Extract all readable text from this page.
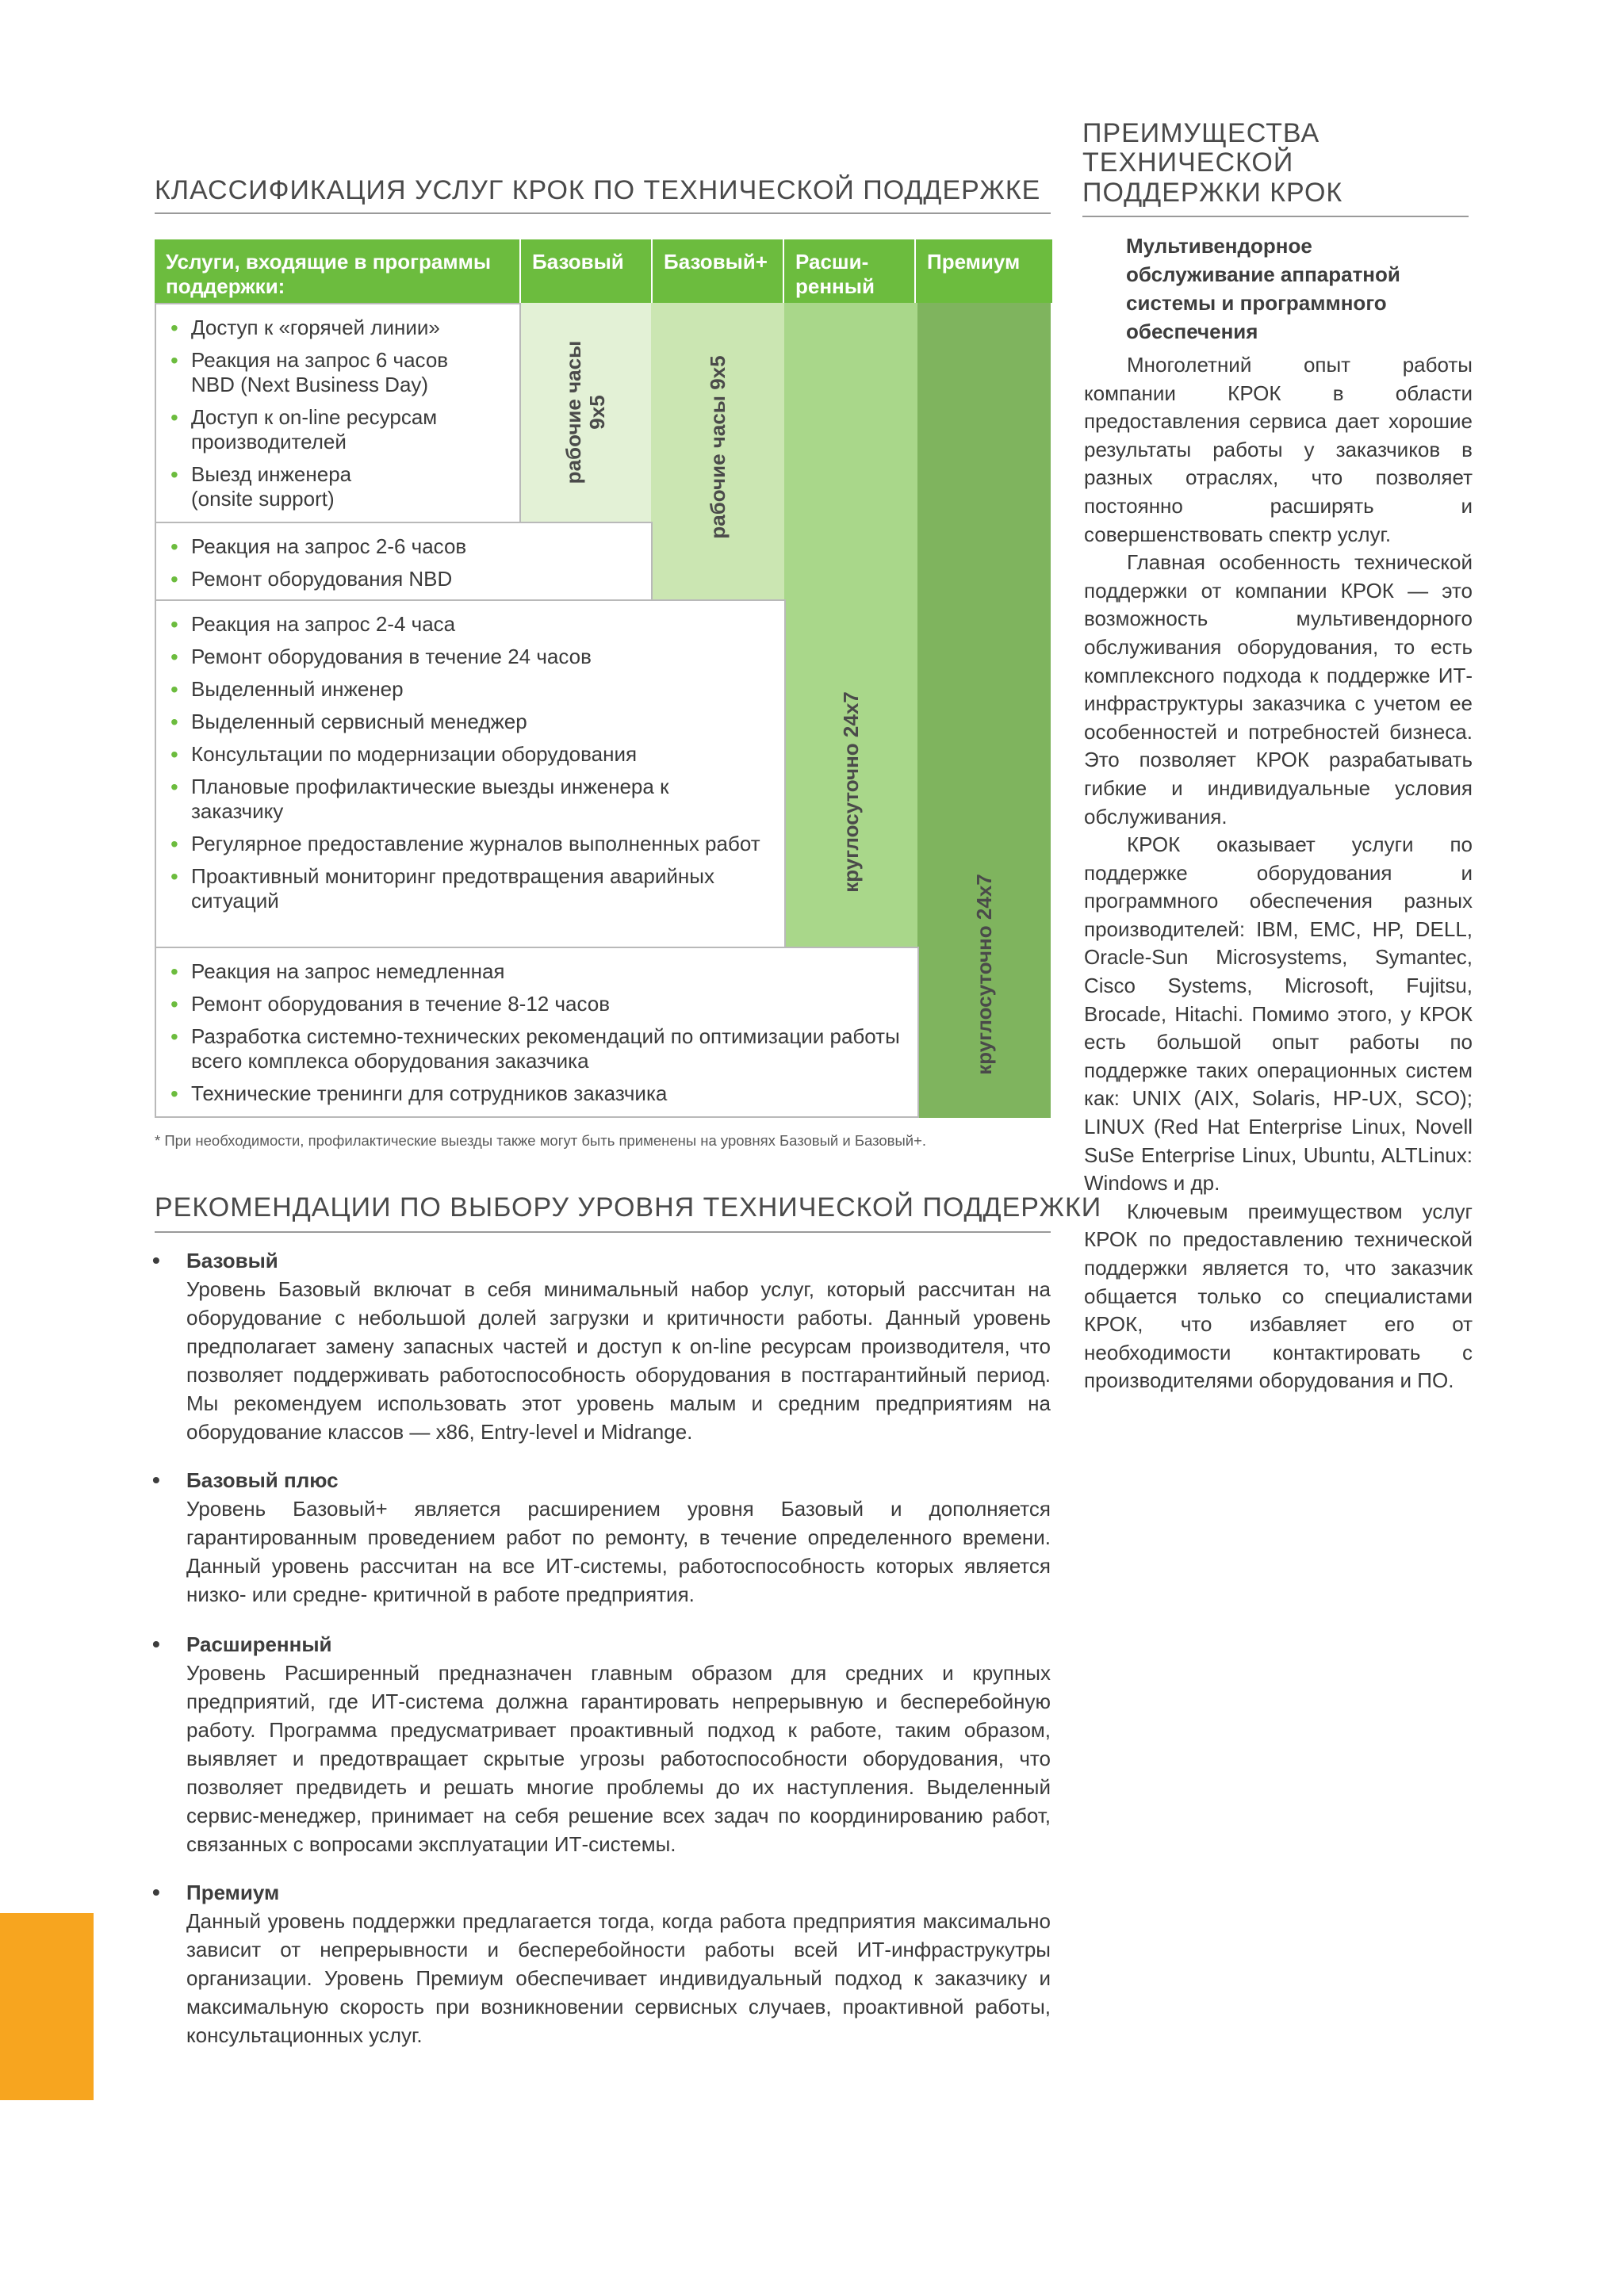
КЛАССИФИКАЦИЯ УСЛУГ КРОК ПО ТЕХНИЧЕСКОЙ ПОДДЕРЖКЕ
Услуги, входящие в программы поддержки:
Базовый Базовый+ Расши- ренный
Премиум
• Доступ к «горячей линии»
• Реакция на запрос 6 часов NBD (Next Business Day)
• Доступ к on-line ресурсам производителей
• Выезд инженера (onsite support)
• Реакция на запрос 2-6 часов
• Ремонт оборудования NBD
• Реакция на запрос 2-4 часа
• Ремонт оборудования в течение 24 часов
• Выделенный инженер
• Выделенный сервисный менеджер
• Консультации по модернизации оборудования
• Плановые профилактические выезды инженера к заказчику
• Регулярное предоставление журналов выполненных работ
• Проактивный мониторинг предотвращения аварийных ситуаций
• Реакция на запрос немедленная
• Ремонт оборудования в течение 8-12 часов
• Разработка системно-технических рекомендаций по оптимизации работы всего комплекса оборудования заказчика
• Технические тренинги для сотрудников заказчика
рабочие часы 9x5	рабочие часы 9x5
круглосуточно 24x7
круглосуточно 24x7
* При необходимости, профилактические выезды также могут быть применены на уровнях Базовый и Базовый+.
РЕКОМЕНДАЦИИ ПО ВЫБОРУ УРОВНЯ ТЕХНИЧЕСКОЙ ПОДДЕРЖКИ
• Базовый
Уровень Базовый включат в себя минимальный набор услуг, который рассчитан на оборудование с небольшой долей загрузки и критичности работы. Данный уровень предполагает замену запасных частей и доступ к on-line ресурсам производителя, что позволяет поддерживать работоспособность оборудования в постгарантийный период. Мы рекомендуем использовать этот уровень малым и средним предприятиям на оборудование классов — x86, Entry-level и Midrange.
• Базовый плюс
Уровень Базовый+ является расширением уровня Базовый и дополняется гарантированным проведением работ по ремонту, в течение определенного времени. Данный уровень рассчитан на все ИТ-системы, работоспособность которых является низко- или средне- критичной в работе предприятия.
• Расширенный
Уровень Расширенный предназначен главным образом для средних и крупных предприятий, где ИТ-система должна гарантировать непрерывную и бесперебойную работу. Программа предусматривает проактивный подход к работе, таким образом, выявляет и предотвращает скрытые угрозы работоспособности оборудования, что позволяет предвидеть и решать многие проблемы до их наступления. Выделенный сервис-менеджер, принимает на себя решение всех задач по координированию работ, связанных с вопросами эксплуатации ИТ-системы.
• Премиум
Данный уровень поддержки предлагается тогда, когда работа предприятия максимально зависит от непрерывности и бесперебойности работы всей ИТ-инфраструкутры организации. Уровень Премиум обеспечивает индивидуальный подход к заказчику и максимальную скорость при возникновении сервисных случаев, проактивной работы, консультационных услуг.
ПРЕИМУЩЕСТВА
ТЕХНИЧЕСКОЙ
ПОДДЕРЖКИ КРОК
Мультивендорное обслуживание аппаратной системы и программного обеспечения

Многолетний опыт работы компании КРОК в области предоставления сервиса дает хорошие результаты работы у заказчиков в разных отраслях, что позволяет постоянно расширять и совершенствовать спектр услуг.

Главная особенность технической поддержки от компании КРОК — это возможность мультивендорного обслуживания оборудования, то есть комплексного подхода к поддержке ИТ-инфраструктуры заказчика с учетом ее особенностей и потребностей бизнеса. Это позволяет КРОК разрабатывать гибкие и индивидуальные условия обслуживания.

КРОК оказывает услуги по поддержке оборудования и программного обеспечения разных производителей: IBM, EMC, HP, DELL, Oracle-Sun Microsystems, Symantec, Cisco Systems, Microsoft, Fujitsu, Brocade, Hitachi. Помимо этого, у КРОК есть большой опыт работы по поддержке таких операционных систем как: UNIX (AIX, Solaris, HP-UX, SCO); LINUX (Red Hat Enterprise Linux, Novell SuSe Enterprise Linux, Ubuntu, ALTLinux: Windows и др.

Ключевым преимуществом услуг КРОК по предоставлению технической поддержки является то, что заказчик общается только со специалистами КРОК, что избавляет его от необходимости контактировать с производителями оборудования и ПО.
